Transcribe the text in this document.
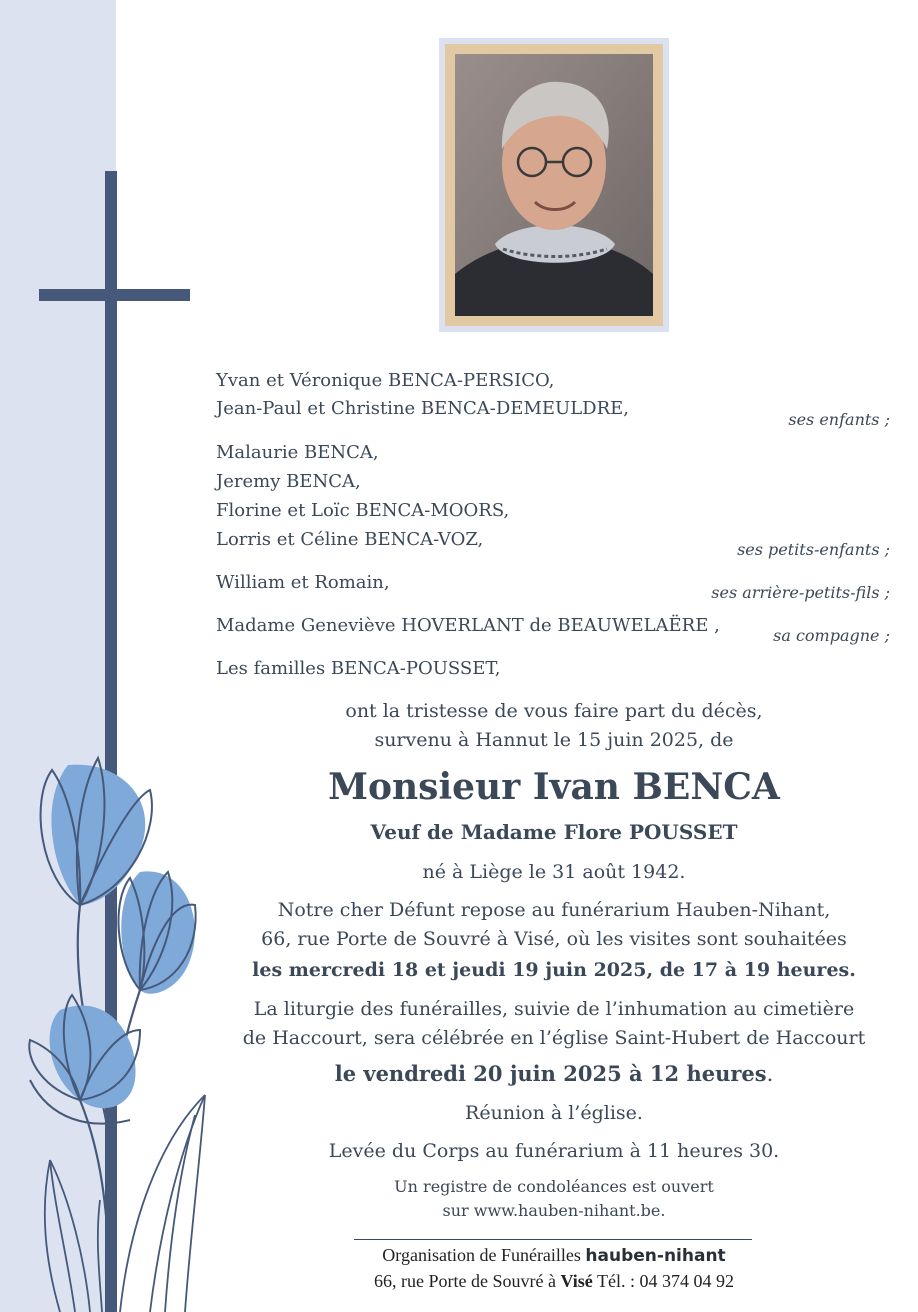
Yvan et Véronique BENCA-PERSICO,
Jean-Paul et Christine BENCA-DEMEULDRE,
ses enfants ;
Malaurie BENCA,
Jeremy BENCA,
Florine et Loïc BENCA-MOORS,
Lorris et Céline BENCA-VOZ,	ses petits-enfants ;
William et Romain,	ses arrière-petits-fils ;
Madame Geneviève HOVERLANT de BEAUWELAËRE ,	sa compagne ;
Les familles BENCA-POUSSET,
ont la tristesse de vous faire part du décès,
survenu à Hannut le 15 juin 2025, de
Monsieur Ivan BENCA
Veuf de Madame Flore POUSSET
né à Liège le 31 août 1942.
Notre cher Défunt repose au funérarium Hauben-Nihant,
66, rue Porte de Souvré à Visé, où les visites sont souhaitées
les mercredi 18 et jeudi 19 juin 2025, de 17 à 19 heures.
La liturgie des funérailles, suivie de l’inhumation au cimetière
de Haccourt, sera célébrée en l’église Saint-Hubert de Haccourt
le vendredi 20 juin 2025 à 12 heures.
Réunion à l’église.
Levée du Corps au funérarium à 11 heures 30.
Un registre de condoléances est ouvert
sur www.hauben-nihant.be.
Organisation de Funérailles hauben-nihant
66, rue Porte de Souvré à Visé Tél. : 04 374 04 92
